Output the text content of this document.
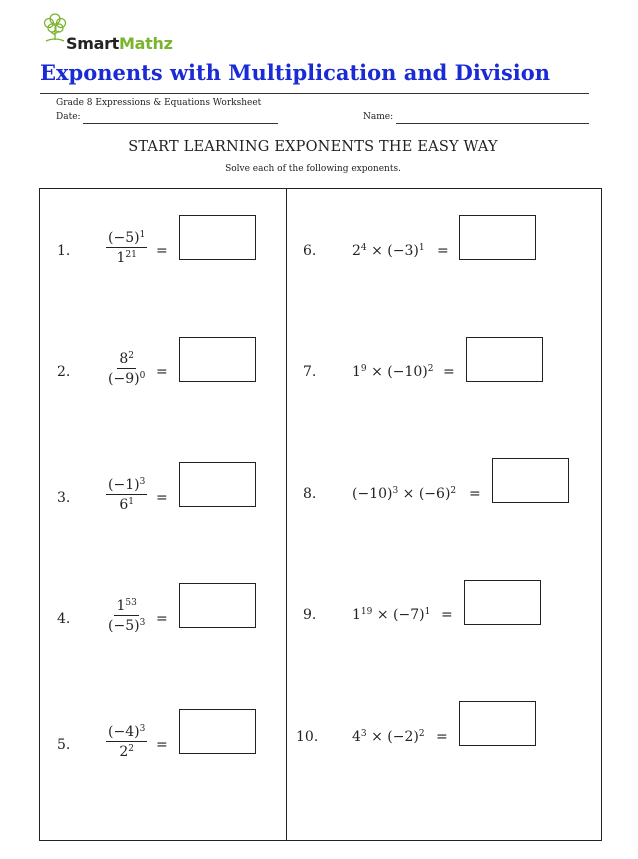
SmartMathz
Exponents with Multiplication and Division
Grade 8 Expressions & Equations Worksheet
Date:	Name:
START LEARNING EXPONENTS THE EASY WAY
Solve each of the following exponents.
1.	$\frac{(-5)^1}{1^{21}}$ =
2.	$\frac{8^2}{(-9)^0}$ =
3.	$\frac{(-1)^3}{6^1}$ =
4.	$\frac{1^{53}}{(-5)^3}$ =
5.	$\frac{(-4)^3}{2^2}$ =
6.	$2^4 \times (-3)^1$ =
7.	$1^9 \times (-10)^2$ =
8.	$(-10)^3 \times (-6)^2$ =
9.	$1^{19} \times (-7)^1$ =
10. $4^3 \times (-2)^2$ =
